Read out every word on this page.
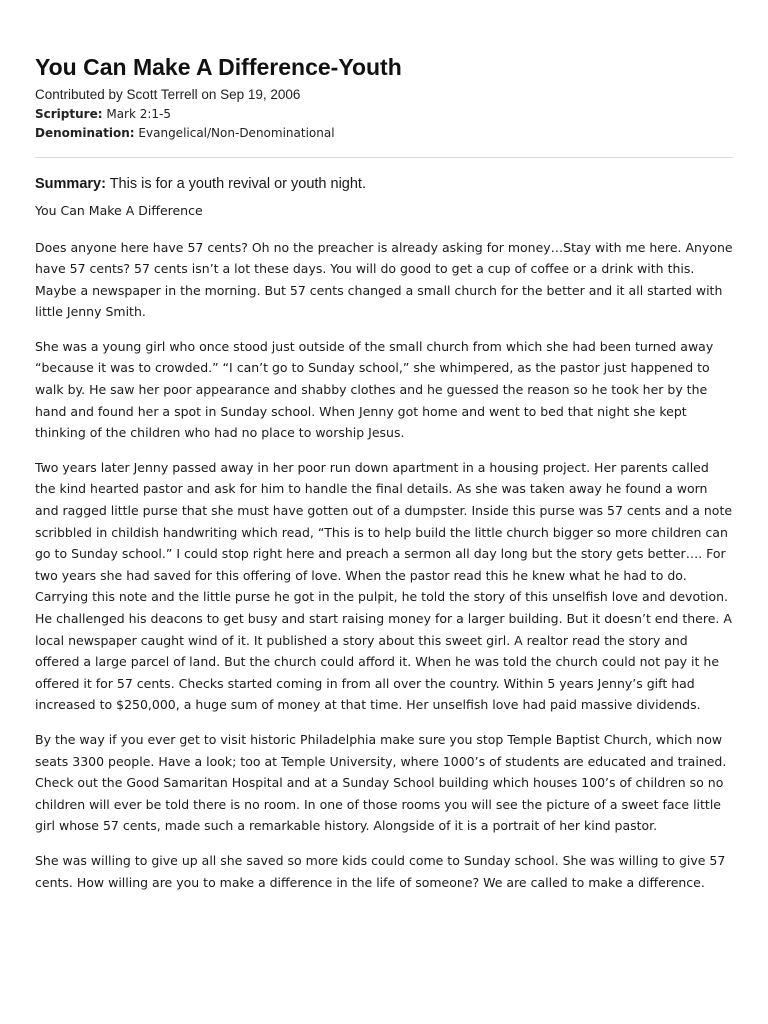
You Can Make A Difference-Youth
Contributed by Scott Terrell on Sep 19, 2006
Scripture: Mark 2:1-5
Denomination: Evangelical/Non-Denominational
Summary: This is for a youth revival or youth night.
You Can Make A Difference

Does anyone here have 57 cents? Oh no the preacher is already asking for money…Stay with me here. Anyone have 57 cents? 57 cents isn’t a lot these days. You will do good to get a cup of coffee or a drink with this. Maybe a newspaper in the morning. But 57 cents changed a small church for the better and it all started with little Jenny Smith.

She was a young girl who once stood just outside of the small church from which she had been turned away “because it was to crowded.” “I can’t go to Sunday school,” she whimpered, as the pastor just happened to walk by. He saw her poor appearance and shabby clothes and he guessed the reason so he took her by the hand and found her a spot in Sunday school. When Jenny got home and went to bed that night she kept thinking of the children who had no place to worship Jesus.

Two years later Jenny passed away in her poor run down apartment in a housing project. Her parents called the kind hearted pastor and ask for him to handle the final details. As she was taken away he found a worn and ragged little purse that she must have gotten out of a dumpster. Inside this purse was 57 cents and a note scribbled in childish handwriting which read, “This is to help build the little church bigger so more children can go to Sunday school.” I could stop right here and preach a sermon all day long but the story gets better…. For two years she had saved for this offering of love. When the pastor read this he knew what he had to do. Carrying this note and the little purse he got in the pulpit, he told the story of this unselfish love and devotion. He challenged his deacons to get busy and start raising money for a larger building. But it doesn’t end there. A local newspaper caught wind of it. It published a story about this sweet girl. A realtor read the story and offered a large parcel of land. But the church could afford it. When he was told the church could not pay it he offered it for 57 cents. Checks started coming in from all over the country. Within 5 years Jenny’s gift had increased to $250,000, a huge sum of money at that time. Her unselfish love had paid massive dividends.

By the way if you ever get to visit historic Philadelphia make sure you stop Temple Baptist Church, which now seats 3300 people. Have a look; too at Temple University, where 1000’s of students are educated and trained. Check out the Good Samaritan Hospital and at a Sunday School building which houses 100’s of children so no children will ever be told there is no room. In one of those rooms you will see the picture of a sweet face little girl whose 57 cents, made such a remarkable history. Alongside of it is a portrait of her kind pastor.

She was willing to give up all she saved so more kids could come to Sunday school. She was willing to give 57 cents. How willing are you to make a difference in the life of someone? We are called to make a difference.
